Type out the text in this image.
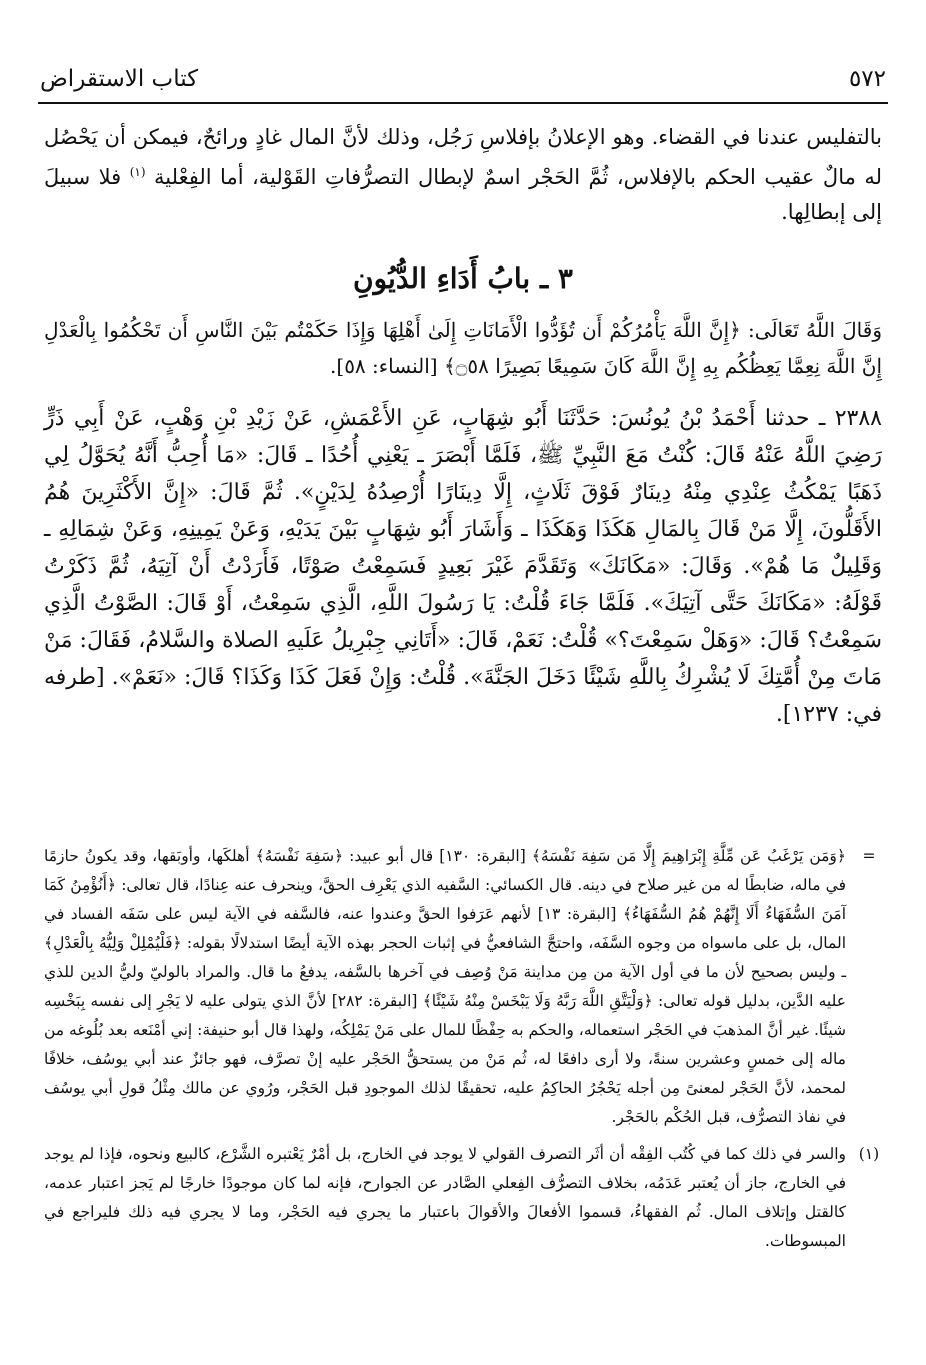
٥٧٢
كتاب الاستقراض
بالتفليس عندنا في القضاء. وهو الإعلانُ بإفلاسِ رَجُل، وذلك لأنَّ المال غادٍ ورائحٌ، فيمكن أن يَحْصُل له مالٌ عقيب الحكم بالإفلاس، ثُمَّ الحَجْر اسمٌ لإبطال التصرُّفاتِ القَوْلية، أما الفِعْلية $^{(١)}$ فلا سبيلَ إلى إبطالِها.
٣ ـ بابُ أَدَاءِ الدُّيُونِ
وَقَالَ اللَّهُ تَعَالَى: ﴿إِنَّ اللَّهَ يَأْمُرُكُمْ أَن تُؤَدُّوا الْأَمَانَاتِ إِلَىٰ أَهْلِهَا وَإِذَا حَكَمْتُم بَيْنَ النَّاسِ أَن تَحْكُمُوا بِالْعَدْلِ إِنَّ اللَّهَ نِعِمَّا يَعِظُكُم بِهِ إِنَّ اللَّهَ كَانَ سَمِيعًا بَصِيرًا ۝٥٨﴾ [النساء: ٥٨].
٢٣٨٨ ـ حدثنا أَحْمَدُ بْنُ يُونُسَ: حَدَّثَنَا أَبُو شِهَابٍ، عَنِ الأَعْمَشِ، عَنْ زَيْدِ بْنِ وَهْبٍ، عَنْ أَبِي ذَرٍّ رَضِيَ اللَّهُ عَنْهُ قَالَ: كُنْتُ مَعَ النَّبِيِّ ﷺ، فَلَمَّا أَبْصَرَ ـ يَعْنِي أُحُدًا ـ قَالَ: «مَا أُحِبُّ أَنَّهُ يُحَوَّلُ لِي ذَهَبًا يَمْكُثُ عِنْدِي مِنْهُ دِينَارٌ فَوْقَ ثَلَاثٍ، إِلَّا دِينَارًا أُرْصِدُهُ لِدَيْنٍ». ثُمَّ قَالَ: «إِنَّ الأَكْثَرِينَ هُمُ الأَقَلُّونَ، إِلَّا مَنْ قَالَ بِالمَالِ هَكَذَا وَهَكَذَا ـ وَأَشَارَ أَبُو شِهَابٍ بَيْنَ يَدَيْهِ، وَعَنْ يَمِينِهِ، وَعَنْ شِمَالِهِ ـ وَقَلِيلٌ مَا هُمْ». وَقَالَ: «مَكَانَكَ» وَتَقَدَّمَ غَيْرَ بَعِيدٍ فَسَمِعْتُ صَوْتًا، فَأَرَدْتُ أَنْ آتِيَهُ، ثُمَّ ذَكَرْتُ قَوْلَهُ: «مَكَانَكَ حَتَّى آتِيَكَ». فَلَمَّا جَاءَ قُلْتُ: يَا رَسُولَ اللَّهِ، الَّذِي سَمِعْتُ، أَوْ قَالَ: الصَّوْتُ الَّذِي سَمِعْتُ؟ قَالَ: «وَهَلْ سَمِعْتَ؟» قُلْتُ: نَعَمْ، قَالَ: «أَتَانِي جِبْرِيلُ عَلَيهِ الصلاة والسَّلامُ، فَقَالَ: مَنْ مَاتَ مِنْ أُمَّتِكَ لَا يُشْرِكُ بِاللَّهِ شَيْئًا دَخَلَ الجَنَّةَ». قُلْتُ: وَإِنْ فَعَلَ كَذَا وَكَذَا؟ قَالَ: «نَعَمْ». [طرفه في: ١٢٣٧].
=
﴿وَمَن يَرْغَبُ عَن مِّلَّةِ إِبْرَاهِيمَ إِلَّا مَن سَفِهَ نَفْسَهُ﴾ [البقرة: ١٣٠] قال أبو عبيد: ﴿سَفِهَ نَفْسَهُ﴾ أهلكَها، وأوبَقها، وقد يكونُ حازمًا في ماله، ضابطًا له من غير صلاح في دينه. قال الكسائي: السَّفيه الذي يَعْرِف الحقَّ، وينحرف عنه عِنادًا، قال تعالى: ﴿أَنُؤْمِنُ كَمَا آمَنَ السُّفَهَاءُ أَلَا إِنَّهُمْ هُمُ السُّفَهَاءُ﴾ [البقرة: ١٣] لأنهم عَرَفوا الحقَّ وعندوا عنه، فالسَّفه في الآية ليس على سَفَه الفساد في المال، بل على ماسواه من وجوه السَّفَه، واحتجَّ الشافعيُّ في إثبات الحجر بهذه الآية أيضًا استدلالًا بقوله: ﴿فَلْيُمْلِلْ وَلِيُّهُ بِالْعَدْلِ﴾ ـ وليس بصحيح لأن ما في أول الآية من مِن مداينة مَنْ وُصِف في آخرها بالسَّفه، يدفعُ ما قال. والمراد بالوليّ وليُّ الدين للذي عليه الدَّين، بدليل قوله تعالى: ﴿وَلْيَتَّقِ اللَّهَ رَبَّهُ وَلَا يَبْخَسْ مِنْهُ شَيْئًا﴾ [البقرة: ٢٨٢] لأنَّ الذي يتولى عليه لا يَجْرِ إلى نفسه بِبَخْسِه شيئًا. غير أنَّ المذهبَ في الحَجْر استعماله، والحكم به حِفْظًا للمال على مَنْ يَمْلِكُه، ولهذا قال أبو حنيفة: إني أمْنَعه بعد بُلُوغه من ماله إلى خمسٍ وعشرين سنةً، ولا أرى دافعًا له، ثُم مَنْ من يستحقُّ الحَجْر عليه إنْ تصرَّف، فهو جائزٌ عند أبي يوسُف، خلافًا لمحمد، لأنَّ الحَجْر لمعنىً مِن أجله يَحْجُرُ الحاكِمُ عليه، تحقيقًا لذلك الموجودِ قبل الحَجْر، ورُوي عن مالك مِثْلُ قولِ أبي يوسُف في نفاذ التصرُّف، قبل الحُكْم بالحَجْر.
(١)
والسر في ذلك كما في كُتُب الفِقْه أن أثَر التصرف القولي لا يوجد في الخارج، بل أمْرٌ يَعْتبره الشَّرْع، كالبيع ونحوه، فإذا لم يوجد في الخارج، جاز أن يُعتبر عَدَمُه، بخلاف التصرُّف الفِعلي الصَّادر عن الجوارح، فإنه لما كان موجودًا خارجًا لم يَجز اعتبار عدمه، كالقتل وإتلاف المال. ثُم الفقهاءُ، قسموا الأفعالَ والأقوالَ باعتبار ما يجري فيه الحَجْر، وما لا يجري فيه ذلك فليراجع في المبسوطات.
